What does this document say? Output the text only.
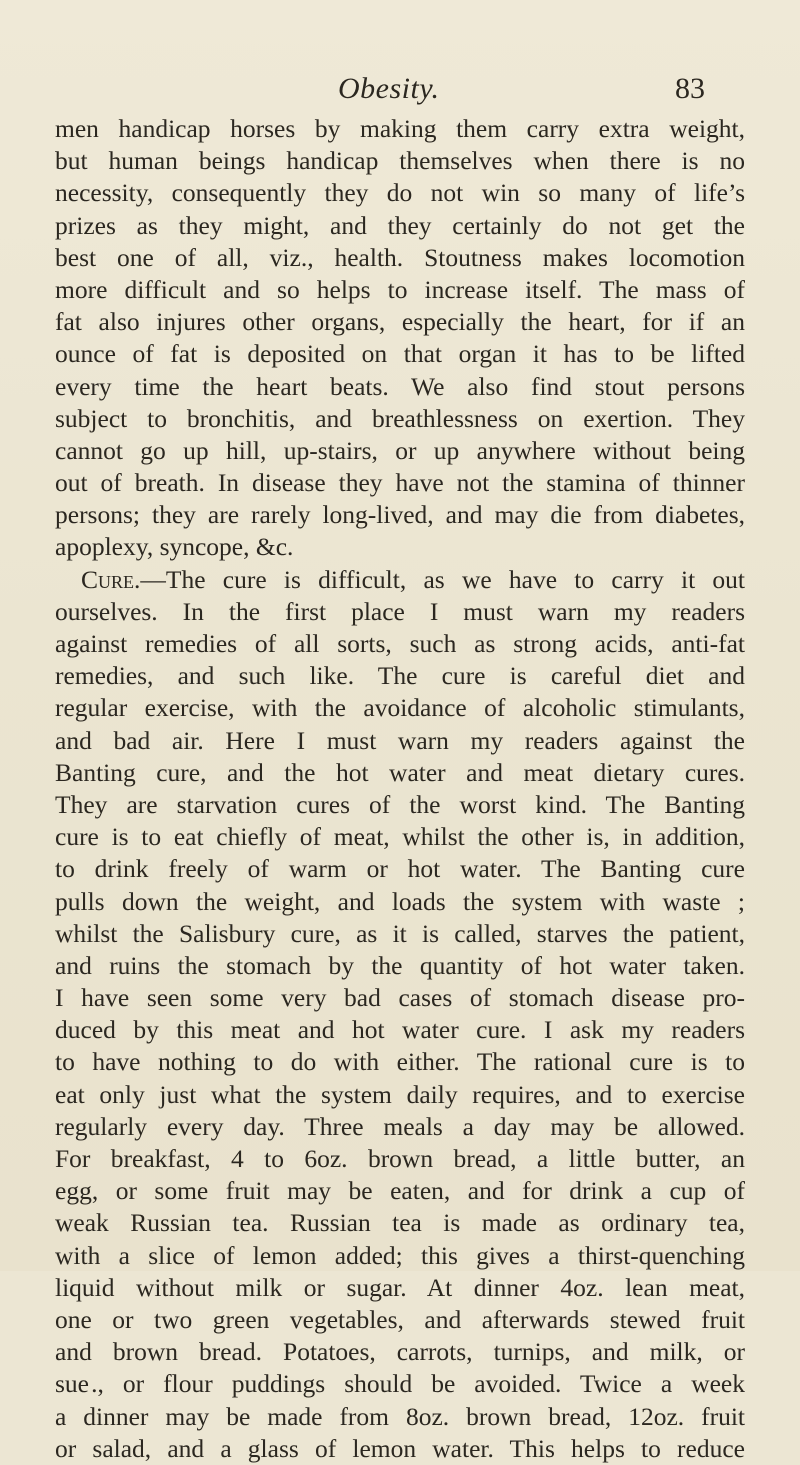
Obesity.	83
men handicap horses by making them carry extra weight,
but human beings handicap themselves when there is no
necessity, consequently they do not win so many of life’s
prizes as they might, and they certainly do not get the
best one of all, viz., health. Stoutness makes locomotion
more difficult and so helps to increase itself. The mass of
fat also injures other organs, especially the heart, for if an
ounce of fat is deposited on that organ it has to be lifted
every time the heart beats. We also find stout persons
subject to bronchitis, and breathlessness on exertion. They
cannot go up hill, up-stairs, or up anywhere without being
out of breath. In disease they have not the stamina of thinner
persons; they are rarely long-lived, and may die from diabetes,
apoplexy, syncope, &c.
Cure.—The cure is difficult, as we have to carry it out
ourselves. In the first place I must warn my readers
against remedies of all sorts, such as strong acids, anti-fat
remedies, and such like. The cure is careful diet and
regular exercise, with the avoidance of alcoholic stimulants,
and bad air. Here I must warn my readers against the
Banting cure, and the hot water and meat dietary cures.
They are starvation cures of the worst kind. The Banting
cure is to eat chiefly of meat, whilst the other is, in addition,
to drink freely of warm or hot water. The Banting cure
pulls down the weight, and loads the system with waste ;
whilst the Salisbury cure, as it is called, starves the patient,
and ruins the stomach by the quantity of hot water taken.
I have seen some very bad cases of stomach disease pro-
duced by this meat and hot water cure. I ask my readers
to have nothing to do with either. The rational cure is to
eat only just what the system daily requires, and to exercise
regularly every day. Three meals a day may be allowed.
For breakfast, 4 to 6oz. brown bread, a little butter, an
egg, or some fruit may be eaten, and for drink a cup of
weak Russian tea. Russian tea is made as ordinary tea,
with a slice of lemon added; this gives a thirst-quenching
liquid without milk or sugar. At dinner 4oz. lean meat,
one or two green vegetables, and afterwards stewed fruit
and brown bread. Potatoes, carrots, turnips, and milk, or
sue ., or flour puddings should be avoided. Twice a week
a dinner may be made from 8oz. brown bread, 12oz. fruit
or salad, and a glass of lemon water. This helps to reduce
